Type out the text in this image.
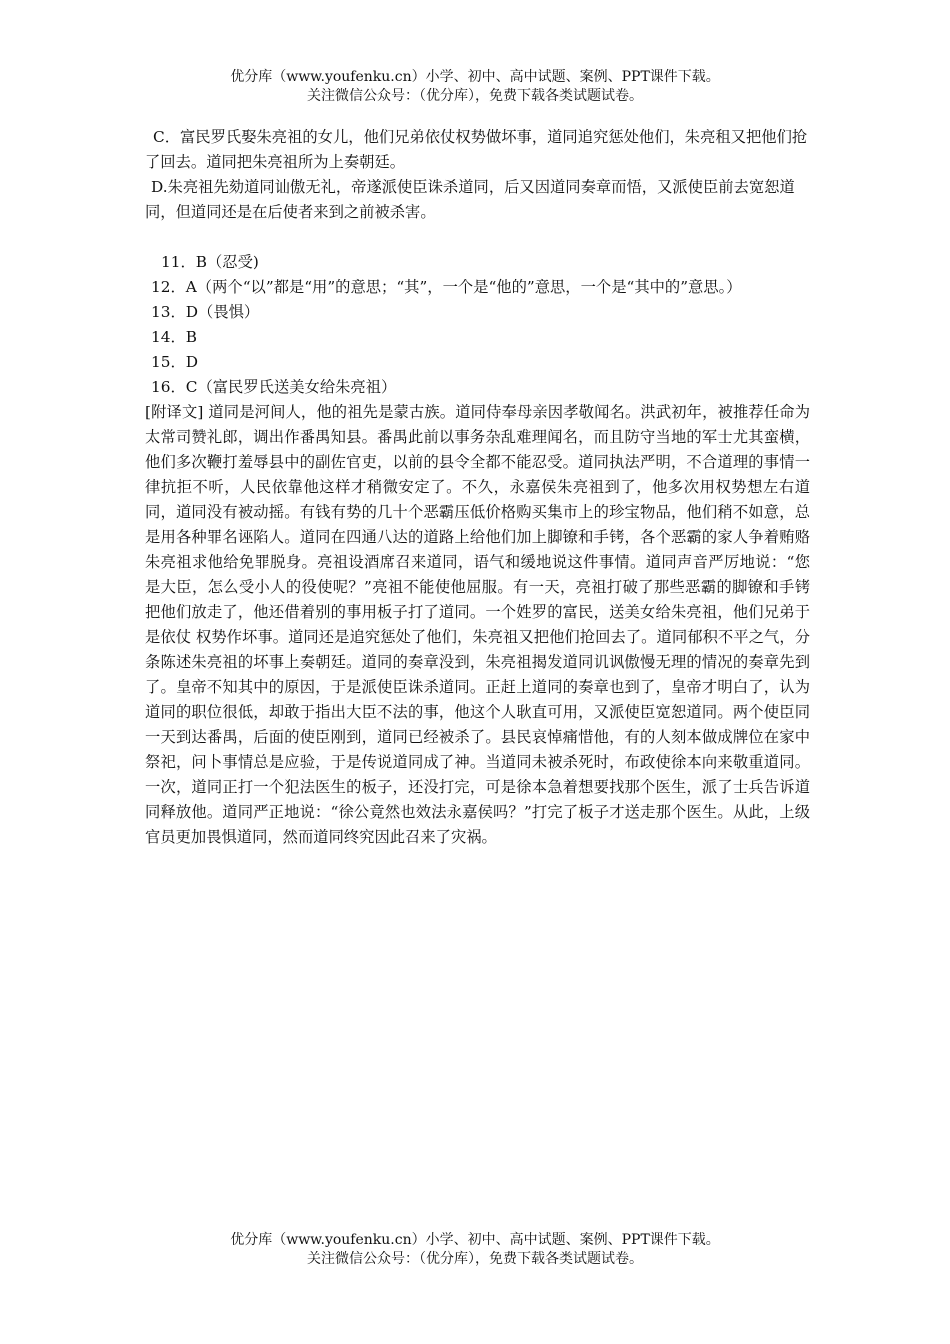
优分库（www.youfenku.cn）小学、初中、高中试题、案例、PPT课件下载。
关注微信公众号：（优分库），免费下载各类试题试卷。

C．富民罗氏娶朱亮祖的女儿，他们兄弟依仗权势做坏事，道同追究惩处他们，朱亮租又把他们抢了回去。道同把朱亮祖所为上奏朝廷。

D.朱亮祖先劾道同讪傲无礼，帝遂派使臣诛杀道同，后又因道同奏章而悟，又派使臣前去宽恕道同，但道同还是在后使者来到之前被杀害。

11．B（忍受)

12．A（两个“以”都是“用”的意思；“其”，一个是“他的”意思，一个是“其中的”意思。）

13．D（畏惧）

14．B

15．D

16．C（富民罗氏送美女给朱亮祖）

[附译文] 道同是河间人，他的祖先是蒙古族。道同侍奉母亲因孝敬闻名。洪武初年，被推荐任命为太常司赞礼郎，调出作番禺知县。番禺此前以事务杂乱难理闻名，而且防守当地的军士尤其蛮横，他们多次鞭打羞辱县中的副佐官吏，以前的县令全都不能忍受。道同执法严明，不合道理的事情一律抗拒不听，人民依靠他这样才稍微安定了。不久，永嘉侯朱亮祖到了，他多次用权势想左右道同，道同没有被动摇。有钱有势的几十个恶霸压低价格购买集市上的珍宝物品，他们稍不如意，总是用各种罪名诬陷人。道同在四通八达的道路上给他们加上脚镣和手铐，各个恶霸的家人争着贿赂朱亮祖求他给免罪脱身。亮祖设酒席召来道同，语气和缓地说这件事情。道同声音严厉地说：“您是大臣，怎么受小人的役使呢？”亮祖不能使他屈服。有一天，亮祖打破了那些恶霸的脚镣和手铐把他们放走了，他还借着别的事用板子打了道同。一个姓罗的富民，送美女给朱亮祖，他们兄弟于是依仗 权势作坏事。道同还是追究惩处了他们，朱亮祖又把他们抢回去了。道同郁积不平之气，分条陈述朱亮祖的坏事上奏朝廷。道同的奏章没到，朱亮祖揭发道同讥讽傲慢无理的情况的奏章先到了。皇帝不知其中的原因，于是派使臣诛杀道同。正赶上道同的奏章也到了，皇帝才明白了，认为道同的职位很低，却敢于指出大臣不法的事，他这个人耿直可用，又派使臣宽恕道同。两个使臣同一天到达番禺，后面的使臣刚到，道同已经被杀了。县民哀悼痛惜他，有的人刻本做成牌位在家中祭祀，问卜事情总是应验，于是传说道同成了神。当道同未被杀死时，布政使徐本向来敬重道同。一次，道同正打一个犯法医生的板子，还没打完，可是徐本急着想要找那个医生，派了士兵告诉道同释放他。道同严正地说：“徐公竟然也效法永嘉侯吗？”打完了板子才送走那个医生。从此，上级官员更加畏惧道同，然而道同终究因此召来了灾祸。

优分库（www.youfenku.cn）小学、初中、高中试题、案例、PPT课件下载。
关注微信公众号：（优分库），免费下载各类试题试卷。
